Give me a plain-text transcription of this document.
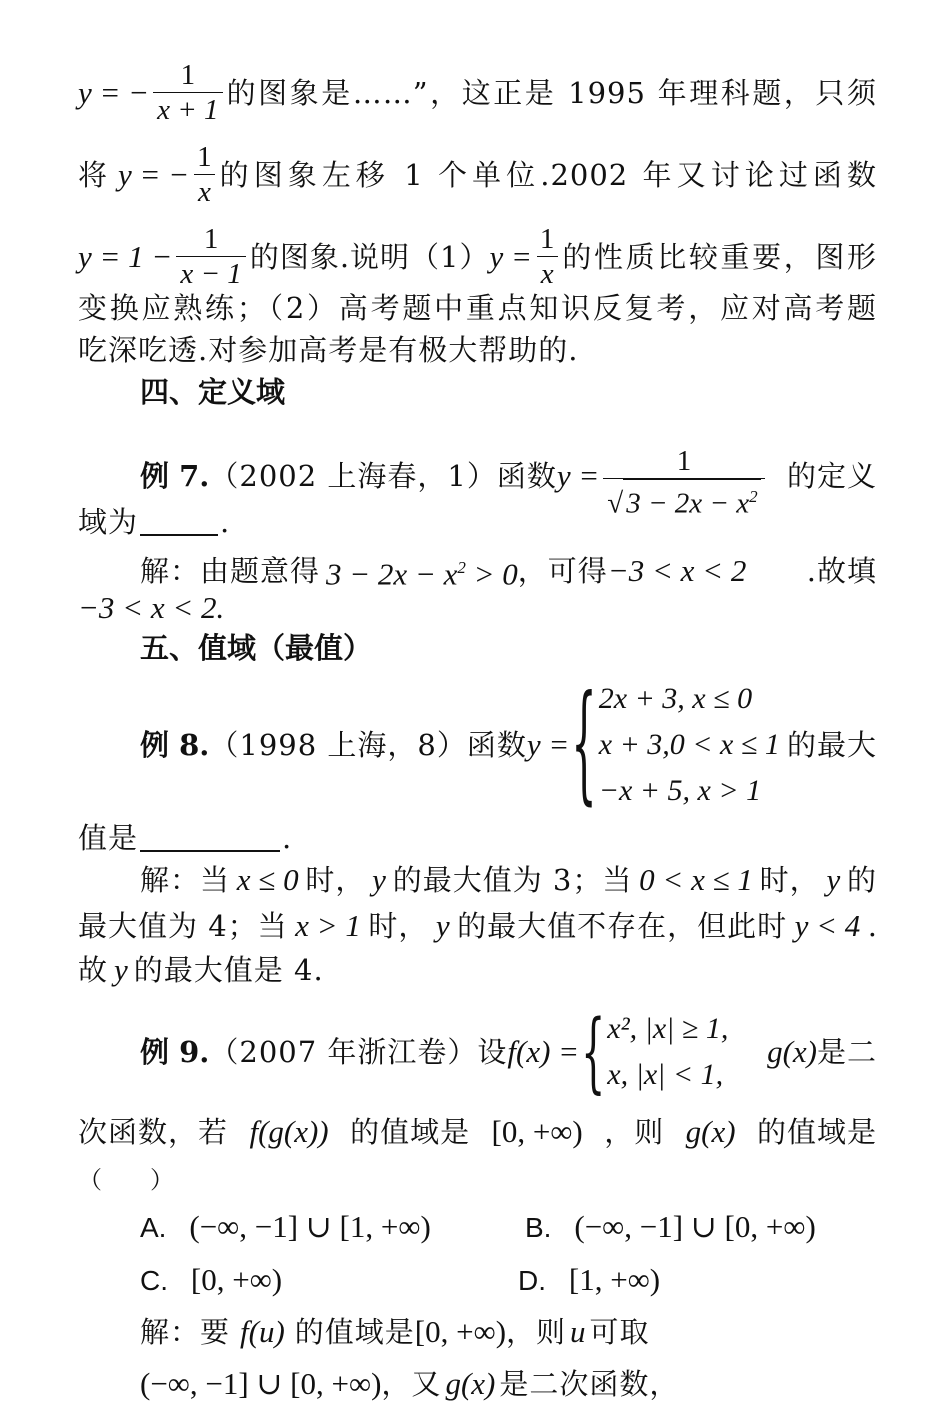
y = − $\frac{1}{x + 1}$ 的图象是……”，这正是 1995 年理科题，只须
将 y = − $\frac{1}{x}$ 的图象左移 1 个单位.2002 年又讨论过函数
$y = 1 - \frac{1}{x - 1}$ 的图象.说明（1） $y = \frac{1}{x}$ 的性质比较重要，图形
变换应熟练；（2）高考题中重点知识反复考，应对高考题
吃深吃透.对参加高考是有极大帮助的.
四、定义域
例 7. （2002 上海春，1）函数 $y = \frac{1}{√ 3 - 2x - x^2}$ 的定义
域为	.
解：由题意得 $3 - 2x - x^2 > 0$ ，可得 −3 < x < 2	.故填
−3 < x < 2.
五、值域（最值）
例 8. （1998 上海，8）函数 y = { 2x + 3, x ≤ 0
x + 3,0 < x ≤ 1
−x + 5, x > 1
的最大
值是	.
解：当 x ≤ 0 时， y 的最大值为 3；当 0 < x ≤ 1 时， y 的
最大值为 4；当 x > 1 时， y 的最大值不存在，但此时 y < 4 .
故 y 的最大值是 4.
例 9. （2007 年浙江卷）设 f(x) = { x², |x| ≥ 1,
x, |x| < 1,
g(x) 是二
次函数，若 f(g(x)) 的值域是 [0, +∞) ，则 g(x) 的值域是
（　　）
A. (−∞, −1] ∪ [1, +∞)	B. (−∞, −1] ∪ [0, +∞)
C. [0, +∞)	D. [1, +∞)
解：要 f(u) 的值域是 [0, +∞) ，则 u 可取
(−∞, −1] ∪ [0, +∞) ，又 g(x) 是二次函数，
